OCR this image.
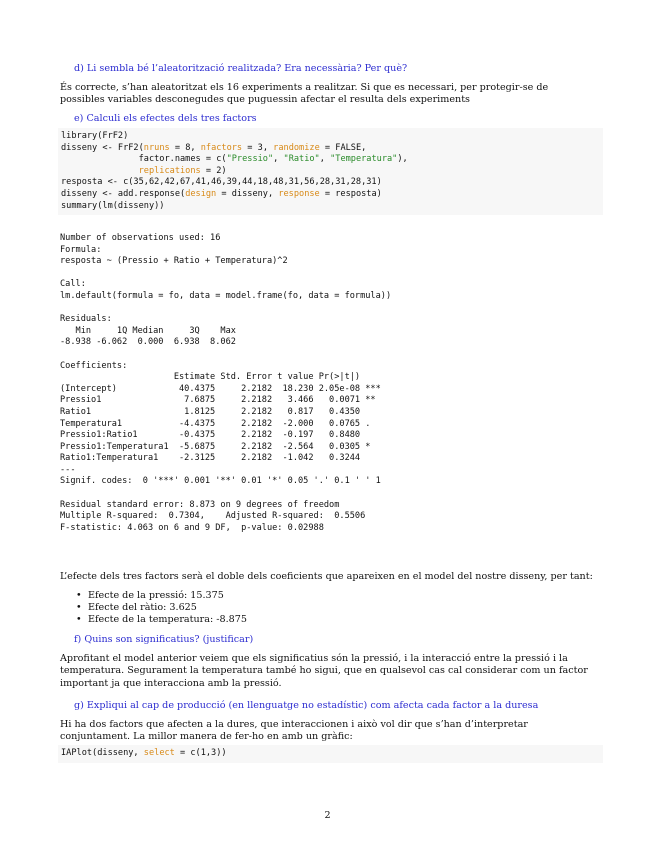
d) Li sembla bé l’aleatorització realitzada? Era necessària? Per què?

És correcte, s’han aleatoritzat els 16 experiments a realitzar. Si que es necessari, per protegir-se de possibles variables desconegudes que puguessin afectar el resulta dels experiments

e) Calculi els efectes dels tres factors
library(FrF2)
disseny <- FrF2(nruns = 8, nfactors = 3, randomize = FALSE,
factor.names = c("Pressio", "Ratio", "Temperatura"),
replications = 2)
resposta <- c(35,62,42,67,41,46,39,44,18,48,31,56,28,31,28,31)
disseny <- add.response(design = disseny, response = resposta)
summary(lm(disseny))
Number of observations used: 16
Formula:
resposta ~ (Pressio + Ratio + Temperatura)^2

Call:
lm.default(formula = fo, data = model.frame(fo, data = formula))

Residuals:
Min     1Q Median     3Q    Max
-8.938 -6.062  0.000  6.938  8.062

Coefficients:
Estimate Std. Error t value Pr(>|t|)
(Intercept)            40.4375     2.2182  18.230 2.05e-08 ***
Pressio1                7.6875     2.2182   3.466   0.0071 **
Ratio1                  1.8125     2.2182   0.817   0.4350
Temperatura1           -4.4375     2.2182  -2.000   0.0765 .
Pressio1:Ratio1        -0.4375     2.2182  -0.197   0.8480
Pressio1:Temperatura1  -5.6875     2.2182  -2.564   0.0305 *
Ratio1:Temperatura1    -2.3125     2.2182  -1.042   0.3244
---
Signif. codes:  0 '***' 0.001 '**' 0.01 '*' 0.05 '.' 0.1 ' ' 1

Residual standard error: 8.873 on 9 degrees of freedom
Multiple R-squared:  0.7304,    Adjusted R-squared:  0.5506
F-statistic: 4.063 on 6 and 9 DF,  p-value: 0.02988

L’efecte dels tres factors serà el doble dels coeficients que apareixen en el model del nostre disseny, per tant:

• Efecte de la pressió: 15.375
• Efecte del ràtio: 3.625
• Efecte de la temperatura: -8.875
f) Quins son significatius? (justificar)

Aprofitant el model anterior veiem que els significatius són la pressió, i la interacció entre la pressió i la temperatura. Segurament la temperatura també ho sigui, que en qualsevol cas cal considerar com un factor important ja que interacciona amb la pressió.

g) Expliqui al cap de producció (en llenguatge no estadístic) com afecta cada factor a la duresa

Hi ha dos factors que afecten a la dures, que interaccionen i això vol dir que s’han d’interpretar conjuntament. La millor manera de fer-ho en amb un gràfic:

IAPlot(disseny, select = c(1,3))
2
